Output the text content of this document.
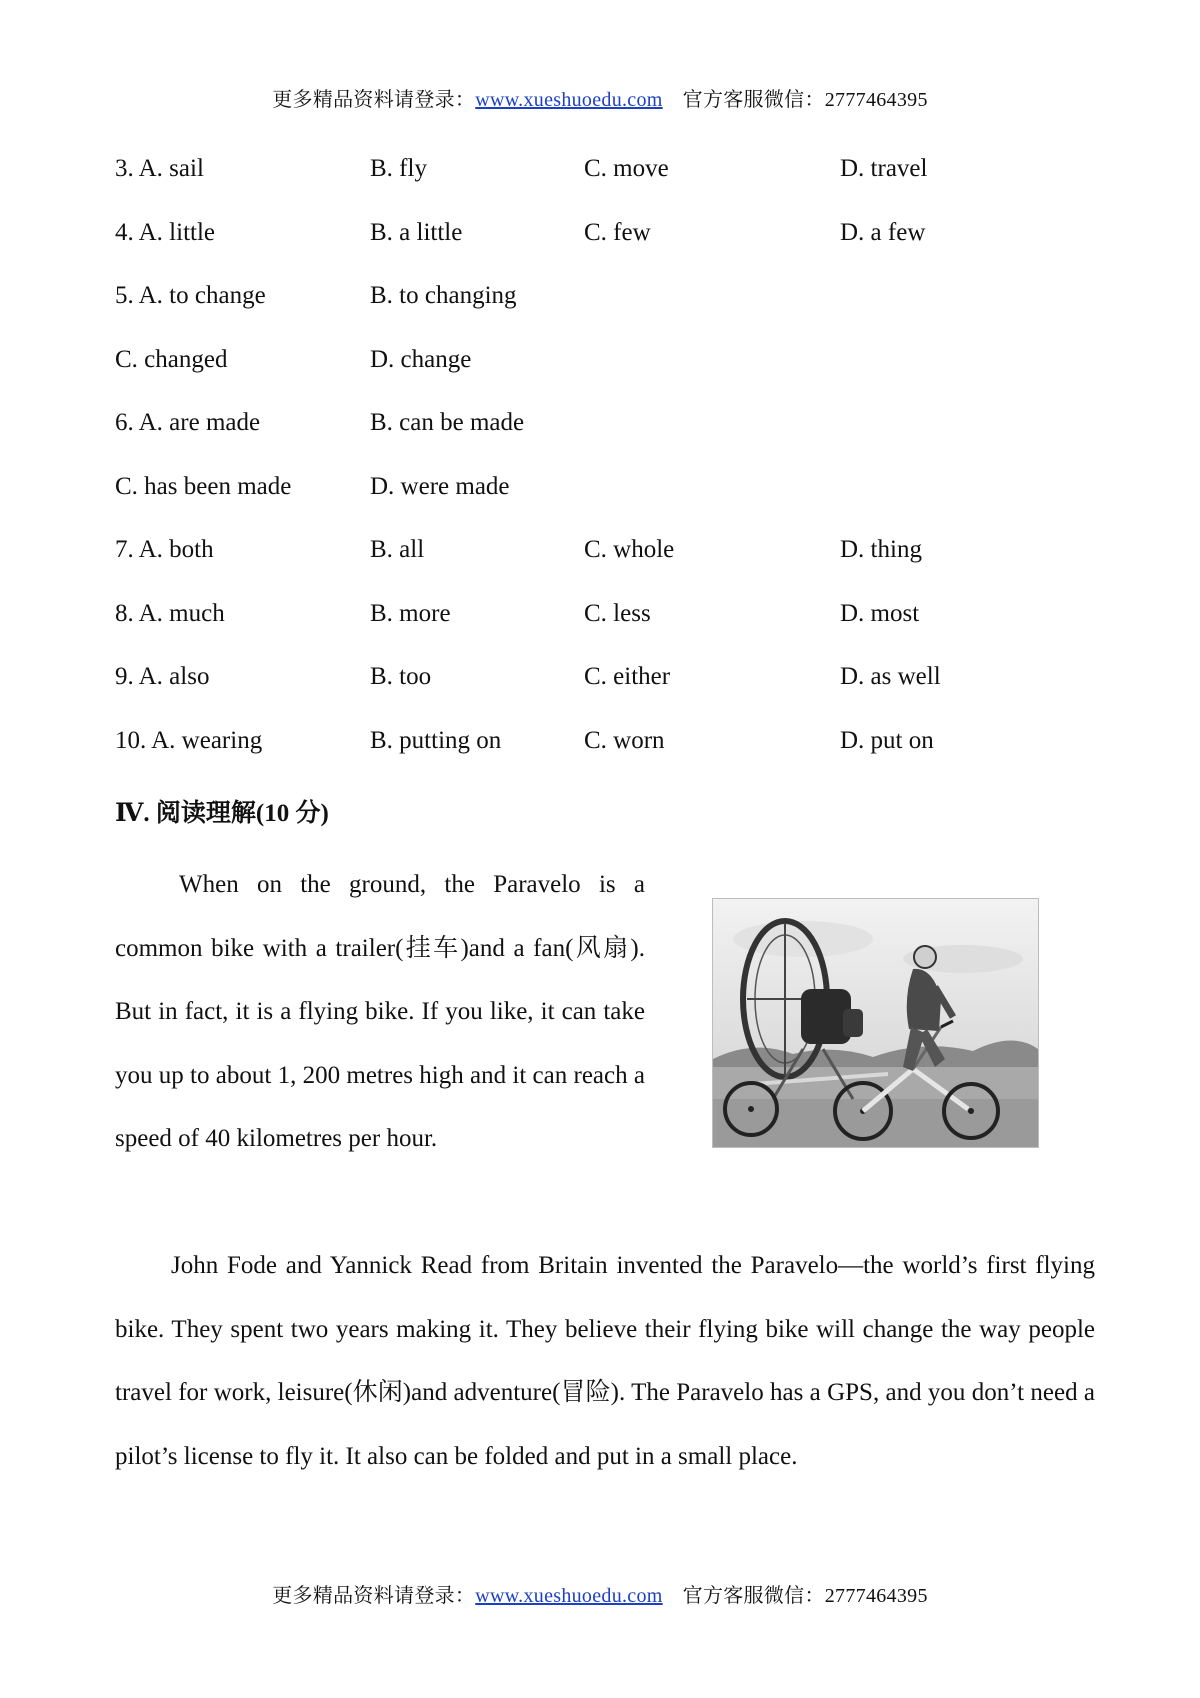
更多精品资料请登录：www.xueshuoedu.com 官方客服微信：2777464395
3. A. sail	B. fly	C. move	D. travel
4. A. little	B. a little	C. few	D. a few
5. A. to change	B. to changing
C. changed	D. change
6. A. are made	B. can be made
C. has been made	D. were made
7. A. both	B. all	C. whole	D. thing
8. A. much	B. more	C. less	D. most
9. A. also	B. too	C. either	D. as well
10. A. wearing	B. putting on	C. worn	D. put on
Ⅳ. 阅读理解(10 分)
When on the ground, the Paravelo is a common bike with a trailer(挂车)and a fan(风扇). But in fact, it is a flying bike. If you like, it can take you up to about 1, 200 metres high and it can reach a speed of 40 kilometres per hour.
John Fode and Yannick Read from Britain invented the Paravelo—the world’s first flying bike. They spent two years making it. They believe their flying bike will change the way people travel for work, leisure(休闲)and adventure(冒险). The Paravelo has a GPS, and you don’t need a pilot’s license to fly it. It also can be folded and put in a small place.
更多精品资料请登录：www.xueshuoedu.com 官方客服微信：2777464395
